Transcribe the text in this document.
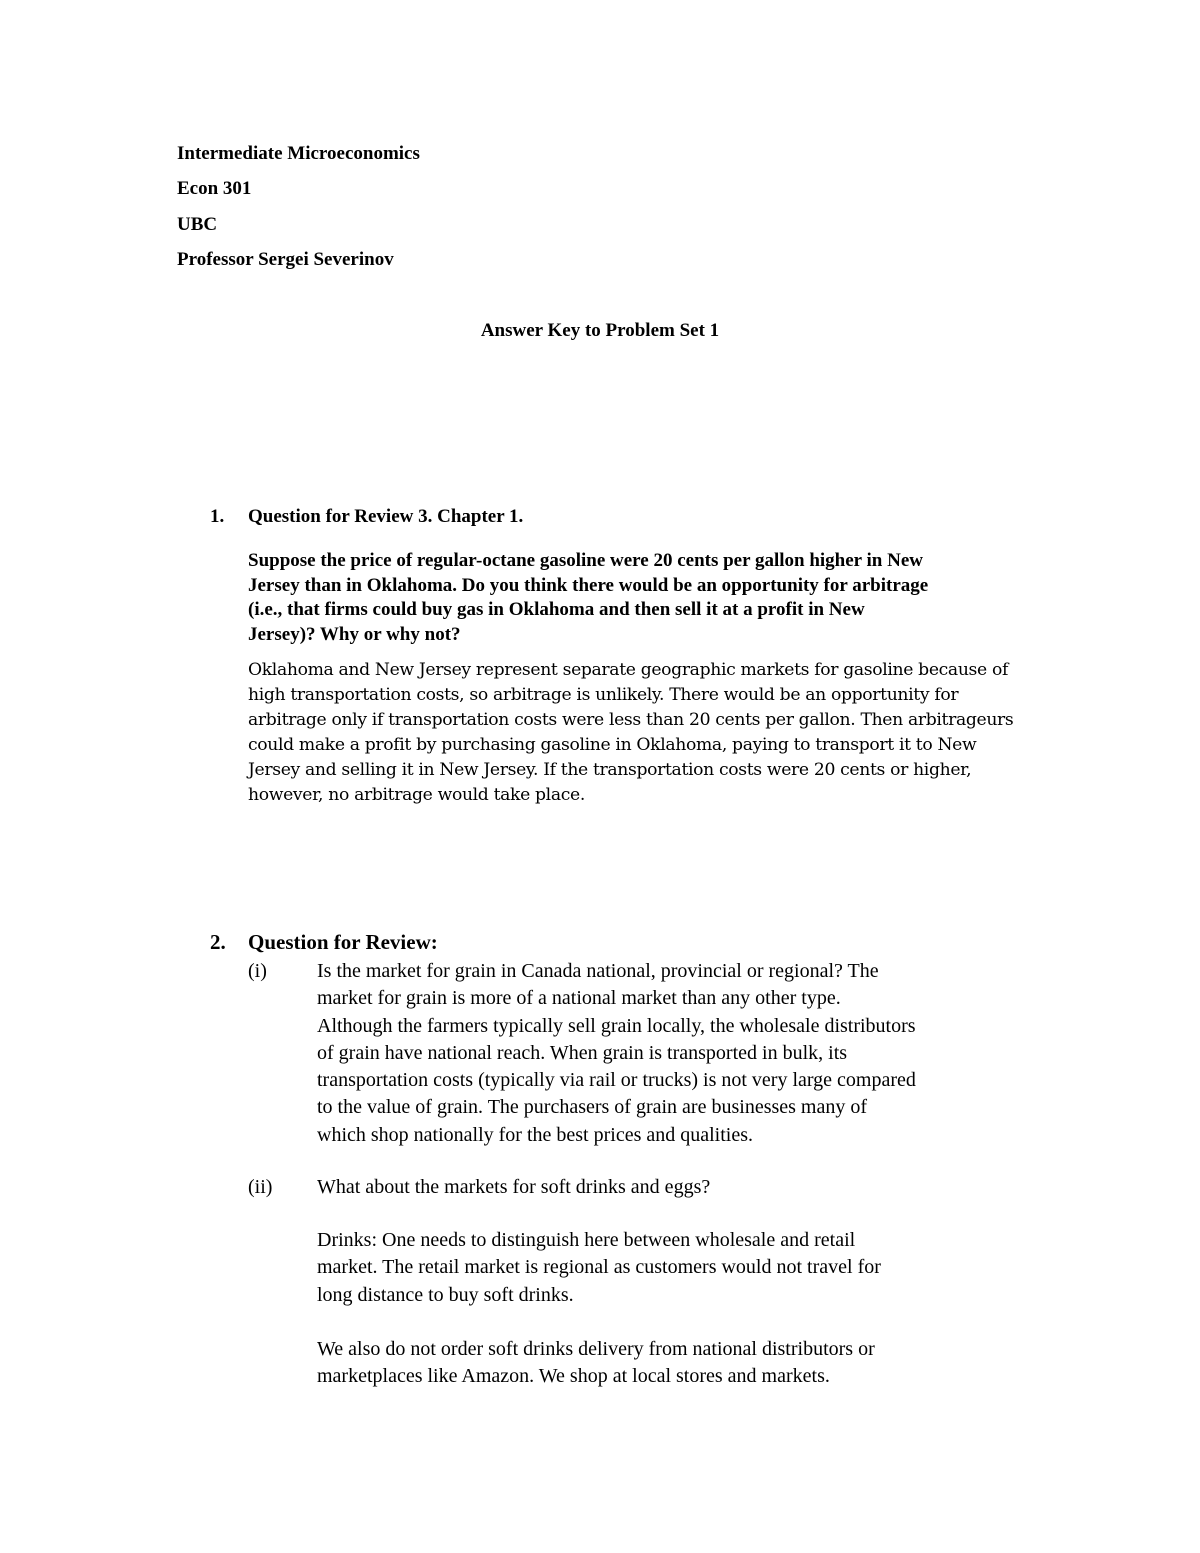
Intermediate Microeconomics
Econ 301
UBC
Professor Sergei Severinov
Answer Key to Problem Set 1
1. Question for Review 3. Chapter 1.
Suppose the price of regular-octane gasoline were 20 cents per gallon higher in New
Jersey than in Oklahoma. Do you think there would be an opportunity for arbitrage
(i.e., that firms could buy gas in Oklahoma and then sell it at a profit in New
Jersey)? Why or why not?
Oklahoma and New Jersey represent separate geographic markets for gasoline because of
high transportation costs, so arbitrage is unlikely. There would be an opportunity for
arbitrage only if transportation costs were less than 20 cents per gallon. Then arbitrageurs
could make a profit by purchasing gasoline in Oklahoma, paying to transport it to New
Jersey and selling it in New Jersey. If the transportation costs were 20 cents or higher,
however, no arbitrage would take place.
2. Question for Review:
(i)	Is the market for grain in Canada national, provincial or regional? The
market for grain is more of a national market than any other type.
Although the farmers typically sell grain locally, the wholesale distributors
of grain have national reach. When grain is transported in bulk, its
transportation costs (typically via rail or trucks) is not very large compared
to the value of grain. The purchasers of grain are businesses many of
which shop nationally for the best prices and qualities.
(ii) What about the markets for soft drinks and eggs?
Drinks: One needs to distinguish here between wholesale and retail
market. The retail market is regional as customers would not travel for
long distance to buy soft drinks.
We also do not order soft drinks delivery from national distributors or
marketplaces like Amazon. We shop at local stores and markets.
